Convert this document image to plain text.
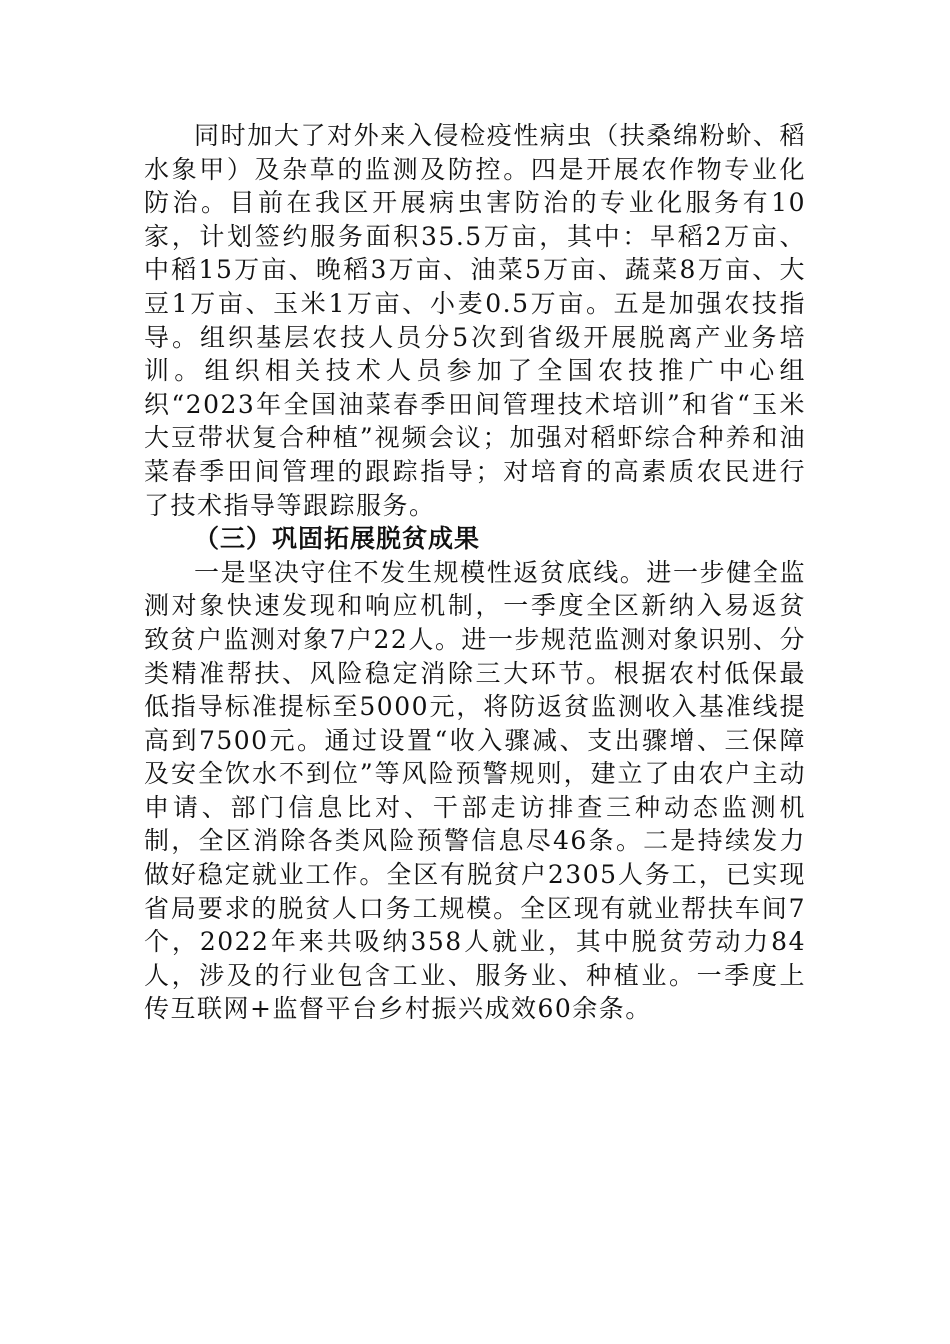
同时加大了对外来入侵检疫性病虫（扶桑绵粉蚧、稻水象甲）及杂草的监测及防控。四是开展农作物专业化防治。目前在我区开展病虫害防治的专业化服务有10家，计划签约服务面积35.5万亩，其中：早稻2万亩、中稻15万亩、晚稻3万亩、油菜5万亩、蔬菜8万亩、大豆1万亩、玉米1万亩、小麦0.5万亩。五是加强农技指导。组织基层农技人员分5次到省级开展脱离产业务培训。组织相关技术人员参加了全国农技推广中心组织“2023年全国油菜春季田间管理技术培训”和省“玉米大豆带状复合种植”视频会议；加强对稻虾综合种养和油菜春季田间管理的跟踪指导；对培育的高素质农民进行了技术指导等跟踪服务。

（三）巩固拓展脱贫成果

一是坚决守住不发生规模性返贫底线。进一步健全监测对象快速发现和响应机制，一季度全区新纳入易返贫致贫户监测对象7户22人。进一步规范监测对象识别、分类精准帮扶、风险稳定消除三大环节。根据农村低保最低指导标准提标至5000元，将防返贫监测收入基准线提高到7500元。通过设置“收入骤减、支出骤增、三保障及安全饮水不到位”等风险预警规则，建立了由农户主动申请、部门信息比对、干部走访排查三种动态监测机制，全区消除各类风险预警信息尽46条。二是持续发力做好稳定就业工作。全区有脱贫户2305人务工，已实现省局要求的脱贫人口务工规模。全区现有就业帮扶车间7个，2022年来共吸纳358人就业，其中脱贫劳动力84人，涉及的行业包含工业、服务业、种植业。一季度上传互联网+监督平台乡村振兴成效60余条。
